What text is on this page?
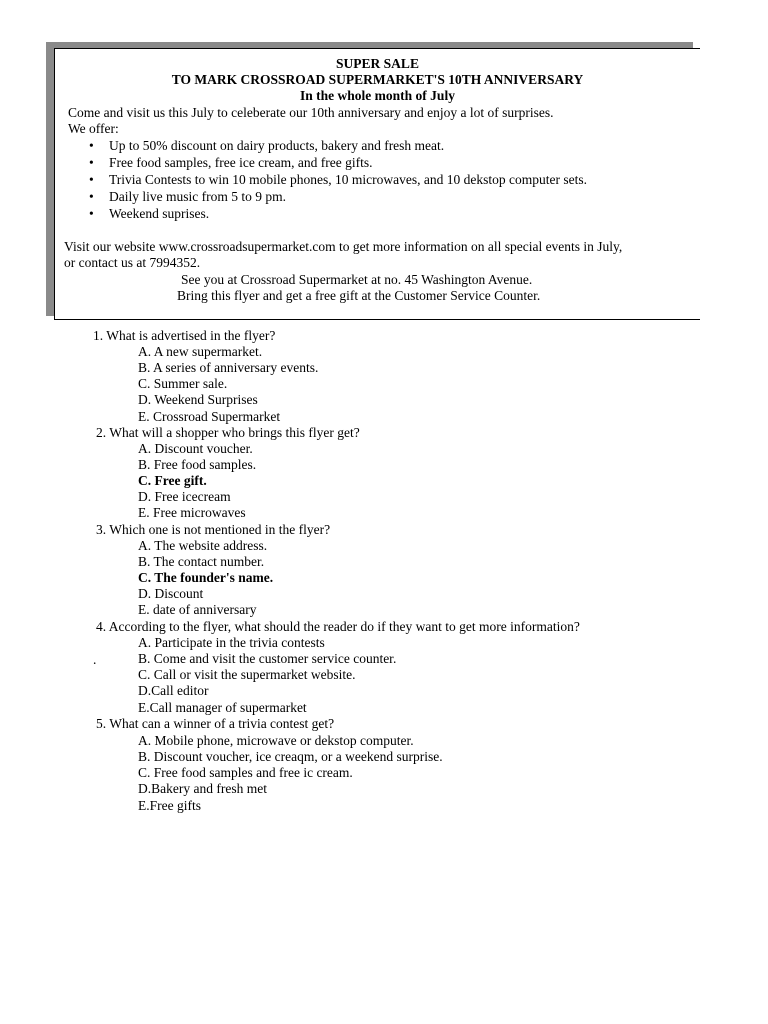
SUPER SALE
TO MARK CROSSROAD SUPERMARKET'S 10TH ANNIVERSARY
In the whole month of July
Come and visit us this July to celeberate our 10th anniversary and enjoy a lot of surprises.
We offer:
• Up to 50% discount on dairy products, bakery and fresh meat.
• Free food samples, free ice cream, and free gifts.
• Trivia Contests to win 10 mobile phones, 10 microwaves, and 10 dekstop computer sets.
• Daily live music from 5 to 9 pm.
• Weekend suprises.
Visit our website www.crossroadsupermarket.com to get more information on all special events in July,
or contact us at 7994352.
See you at Crossroad Supermarket at no. 45 Washington Avenue.
Bring this flyer and get a free gift at the Customer Service Counter.
1. What is advertised in the flyer?
A. A new supermarket.
B. A series of anniversary events.
C. Summer sale.
D. Weekend Surprises
E. Crossroad Supermarket
2. What will a shopper who brings this flyer get?
A. Discount voucher.
B. Free food samples.
C. Free gift.
D. Free icecream
E. Free microwaves
3. Which one is not mentioned in the flyer?
A. The website address.
B. The contact number.
C. The founder's name.
D. Discount
E. date of anniversary
4. According to the flyer, what should the reader do if they want to get more information?
A. Participate in the trivia contests
B. Come and visit the customer service counter.
C. Call or visit the supermarket website.
D.Call editor
E.Call manager of supermarket
5. What can a winner of a trivia contest get?
A. Mobile phone, microwave or dekstop computer.
B. Discount voucher, ice creaqm, or a weekend surprise.
C. Free food samples and free ic cream.
D.Bakery and fresh met
E.Free gifts
.
